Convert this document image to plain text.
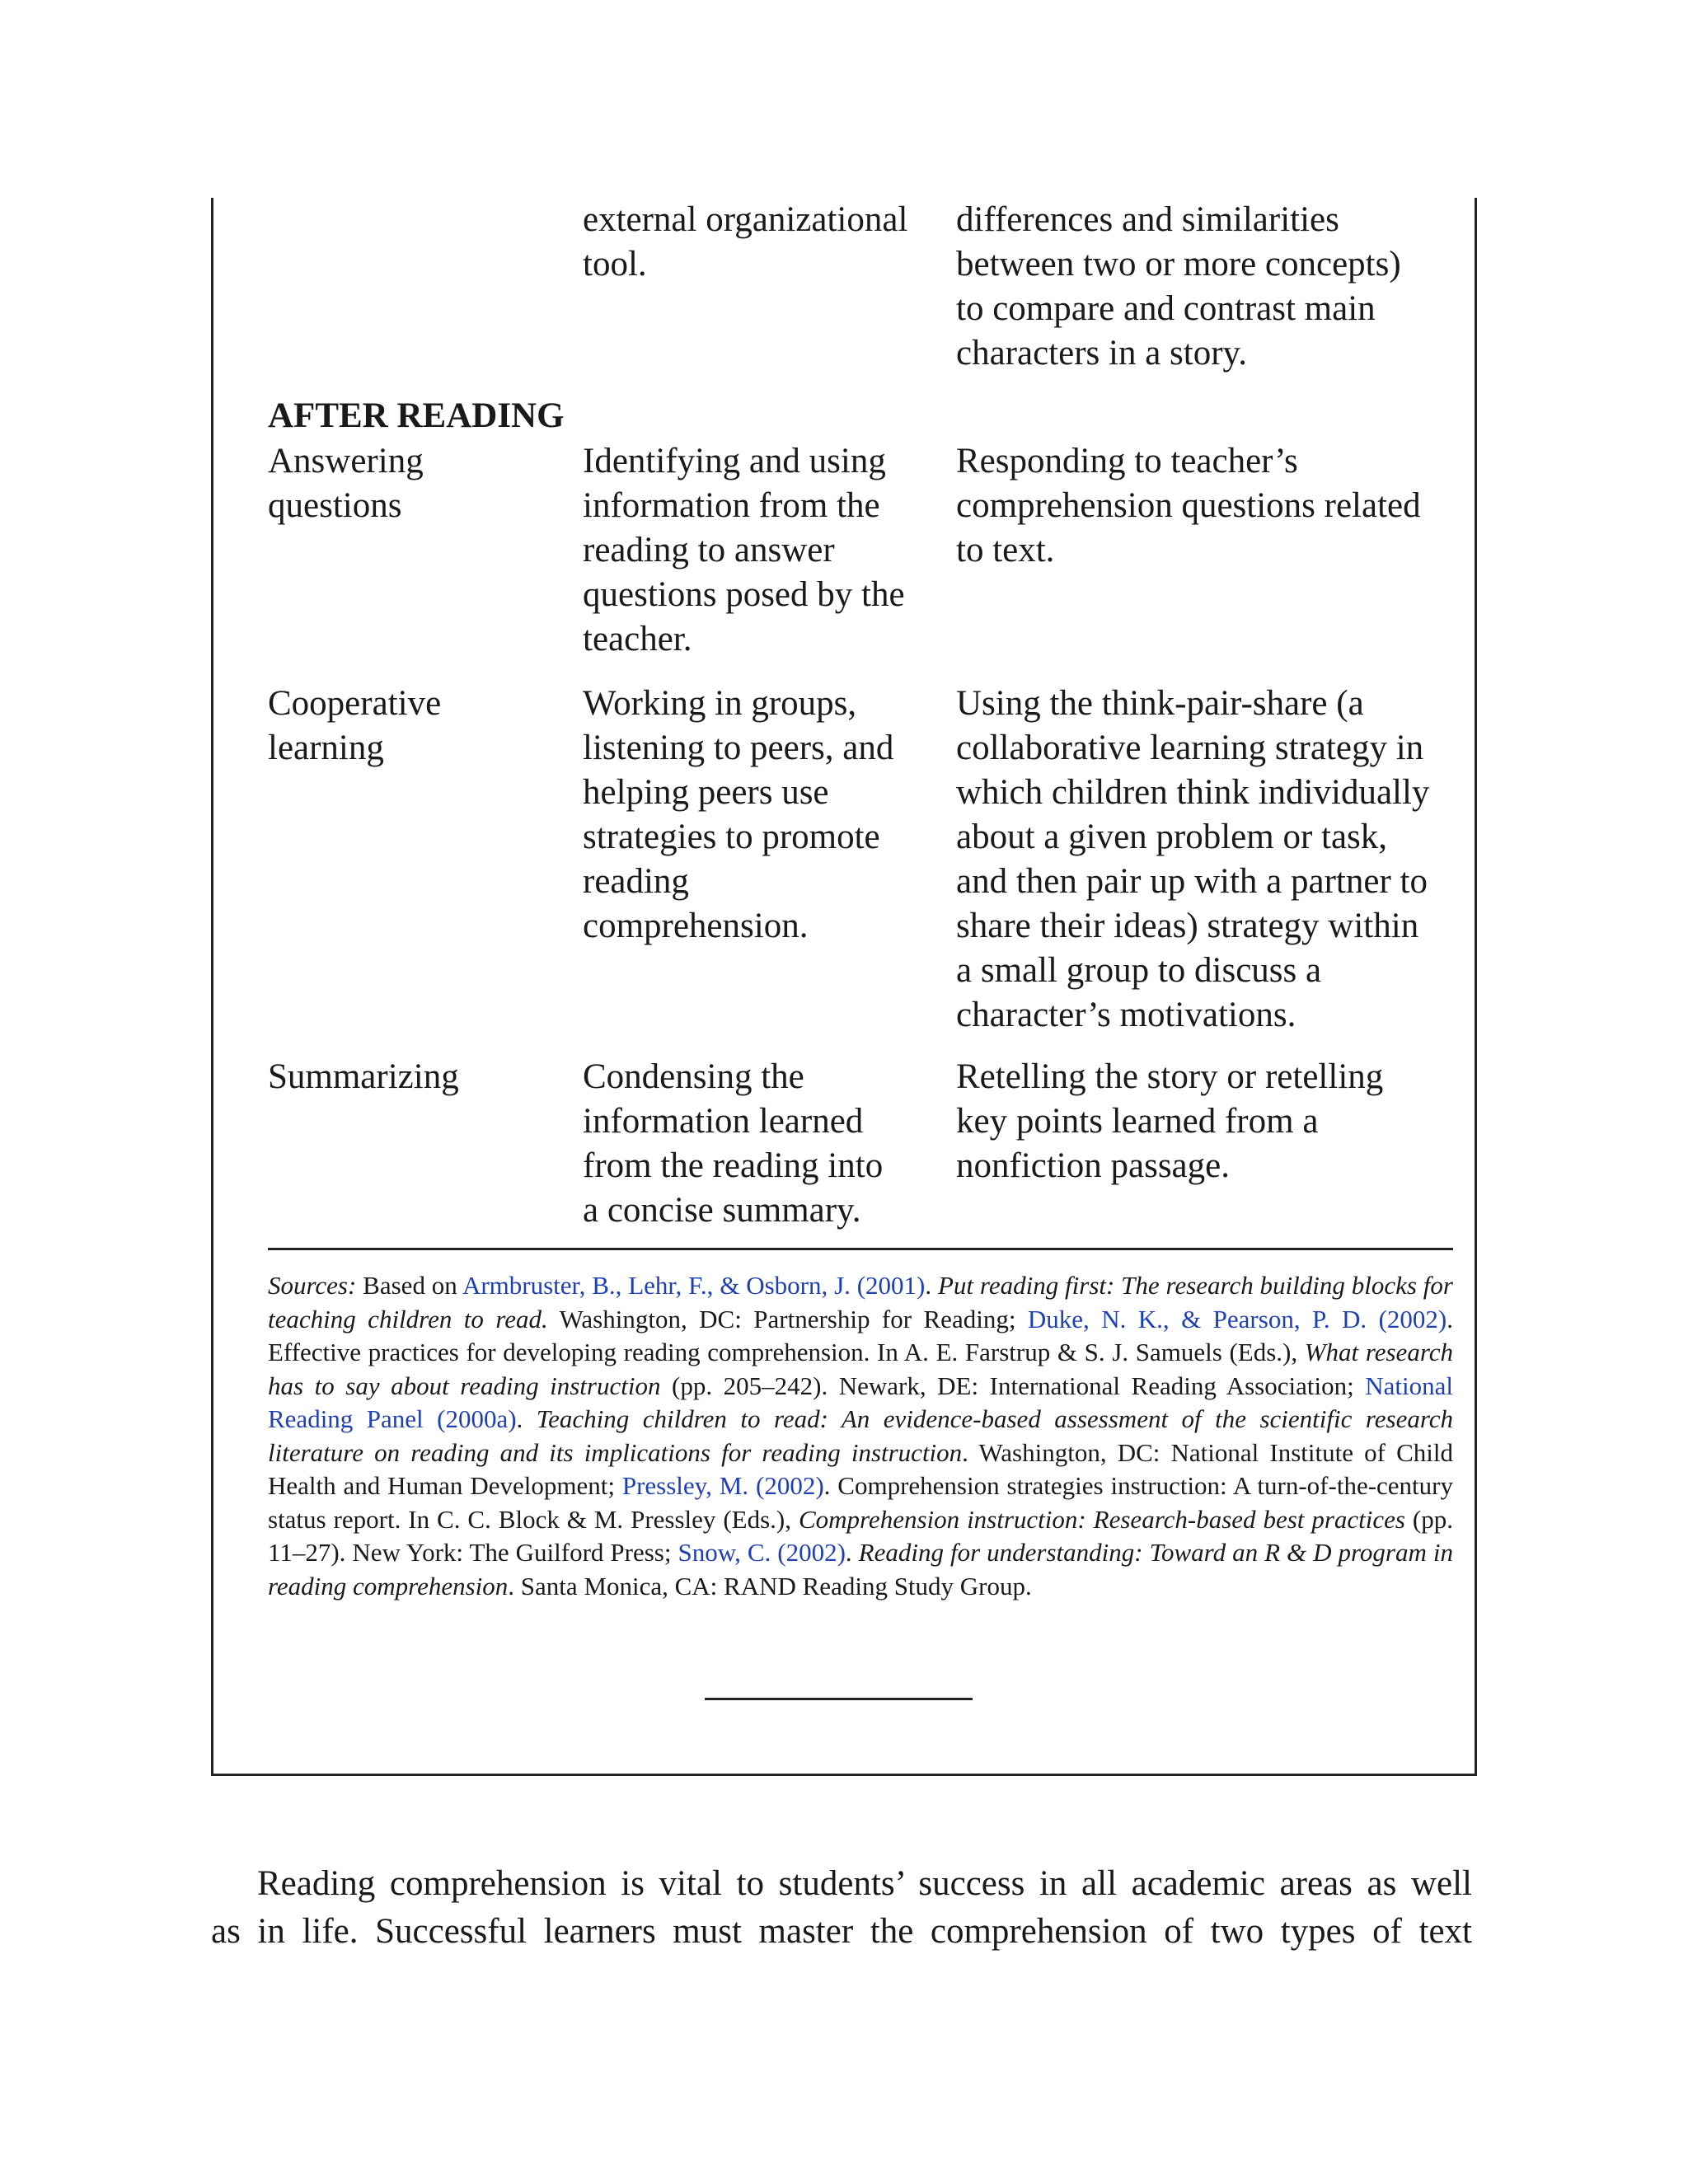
external organizational

tool.

differences and similarities

between two or more concepts)

to compare and contrast main

characters in a story.

AFTER READING

Answering

questions

Identifying and using

information from the

reading to answer

questions posed by the

teacher.

Responding to teacher’s

comprehension questions related

to text.

Cooperative

learning

Working in groups,

listening to peers, and

helping peers use

strategies to promote

reading

comprehension.

Using the think-pair-share (a

collaborative learning strategy in

which children think individually

about a given problem or task,

and then pair up with a partner to

share their ideas) strategy within

a small group to discuss a

character’s motivations.

Summarizing	Condensing the

information learned

from the reading into

a concise summary.

Retelling the story or retelling

key points learned from a

nonfiction passage.

Sources: Based on Armbruster, B., Lehr, F., & Osborn, J. (2001). Put reading first: The research building blocks for teaching children to read. Washington, DC: Partnership for Reading; Duke, N. K., & Pearson, P. D. (2002). Effective practices for developing reading comprehension. In A. E. Farstrup & S. J. Samuels (Eds.), What research has to say about reading instruction (pp. 205–242). Newark, DE: International Reading Association; National Reading Panel (2000a). Teaching children to read: An evidence-based assessment of the scientific research literature on reading and its implications for reading instruction. Washington, DC: National Institute of Child Health and Human Development; Pressley, M. (2002). Comprehension strategies instruction: A turn-of-the-century status report. In C. C. Block & M. Pressley (Eds.), Comprehension instruction: Research-based best practices (pp. 11–27). New York: The Guilford Press; Snow, C. (2002). Reading for understanding: Toward an R & D program in reading comprehension. Santa Monica, CA: RAND Reading Study Group.

Reading comprehension is vital to students’ success in all academic areas as well
as in life. Successful learners must master the comprehension of two types of text
